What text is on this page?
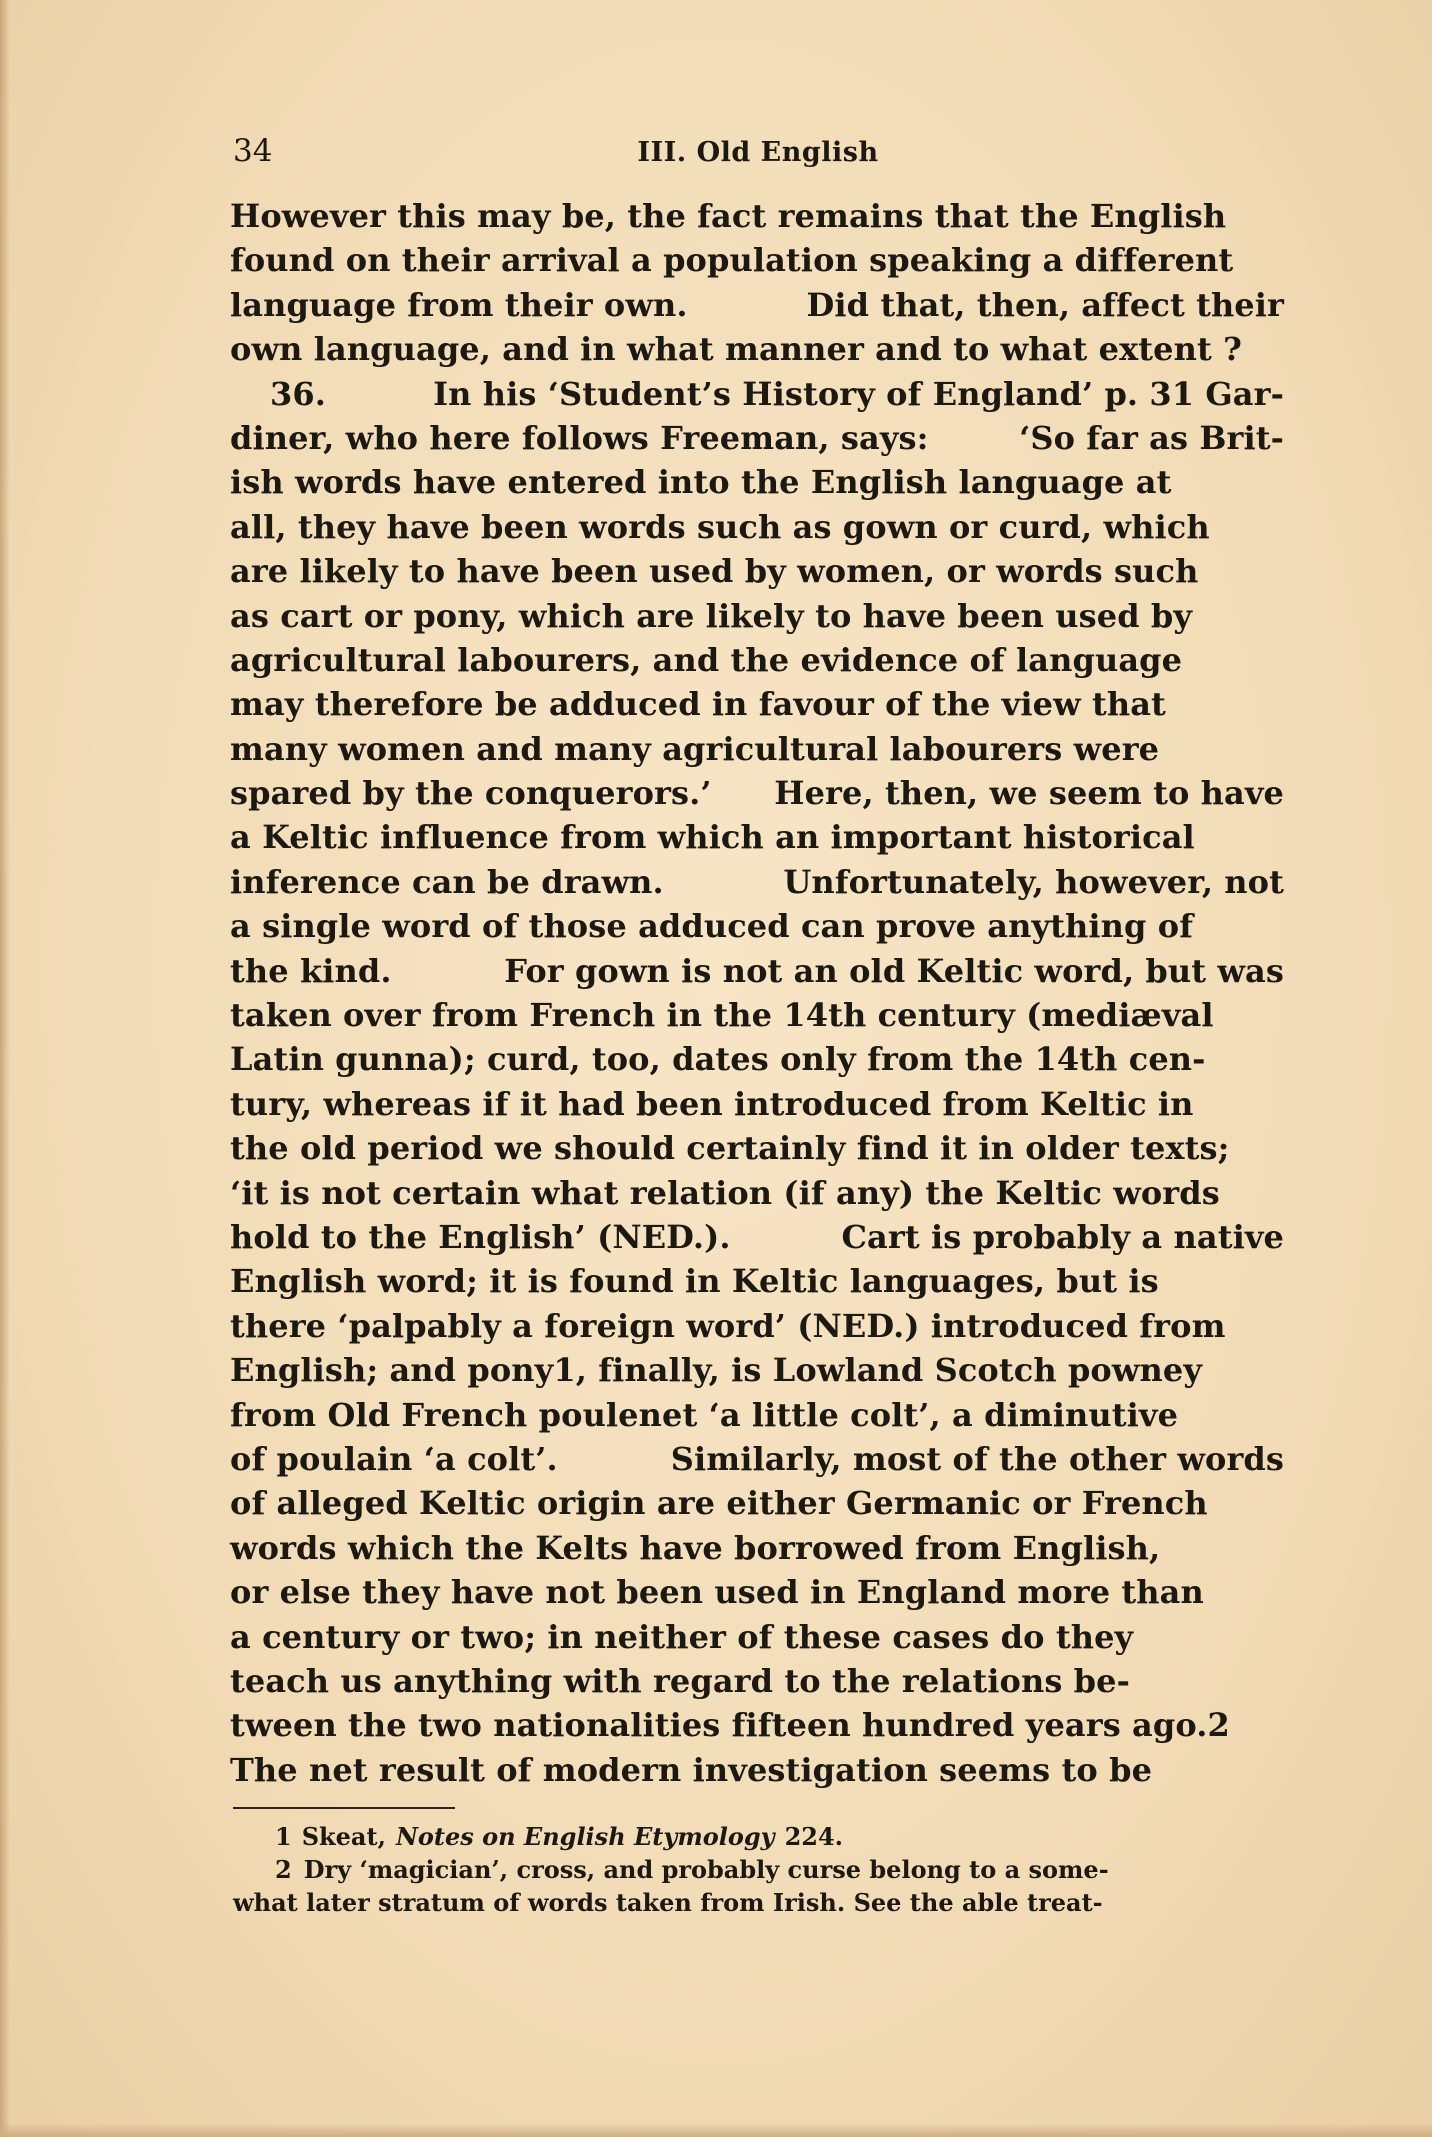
34	III. Old English
However this may be, the fact remains that the English
found on their arrival a population speaking a different
language from their own.	Did that, then, affect their
own language, and in what manner and to what extent ?
36.	In his ‘Student’s History of England’ p. 31 Gar-
diner, who here follows Freeman, says:	‘So far as Brit-
ish words have entered into the English language at
all, they have been words such as gown or curd, which
are likely to have been used by women, or words such
as cart or pony, which are likely to have been used by
agricultural labourers, and the evidence of language
may therefore be adduced in favour of the view that
many women and many agricultural labourers were
spared by the conquerors.’ Here, then, we seem to have
a Keltic influence from which an important historical
inference can be drawn.	Unfortunately, however, not
a single word of those adduced can prove anything of
the kind.	For gown is not an old Keltic word, but was
taken over from French in the 14th century (mediæval
Latin gunna); curd, too, dates only from the 14th cen-
tury, whereas if it had been introduced from Keltic in
the old period we should certainly find it in older texts;
‘it is not certain what relation (if any) the Keltic words
hold to the English’ (NED.).	Cart is probably a native
English word; it is found in Keltic languages, but is
there ‘palpably a foreign word’ (NED.) introduced from
English; and pony1, finally, is Lowland Scotch powney
from Old French poulenet ‘a little colt’, a diminutive
of poulain ‘a colt’.	Similarly, most of the other words
of alleged Keltic origin are either Germanic or French
words which the Kelts have borrowed from English,
or else they have not been used in England more than
a century or two; in neither of these cases do they
teach us anything with regard to the relations be-
tween the two nationalities fifteen hundred years ago.2
The net result of modern investigation seems to be
1 Skeat, Notes on English Etymology 224.
2 Dry ‘magician’, cross, and probably curse belong to a some-
what later stratum of words taken from Irish. See the able treat-
